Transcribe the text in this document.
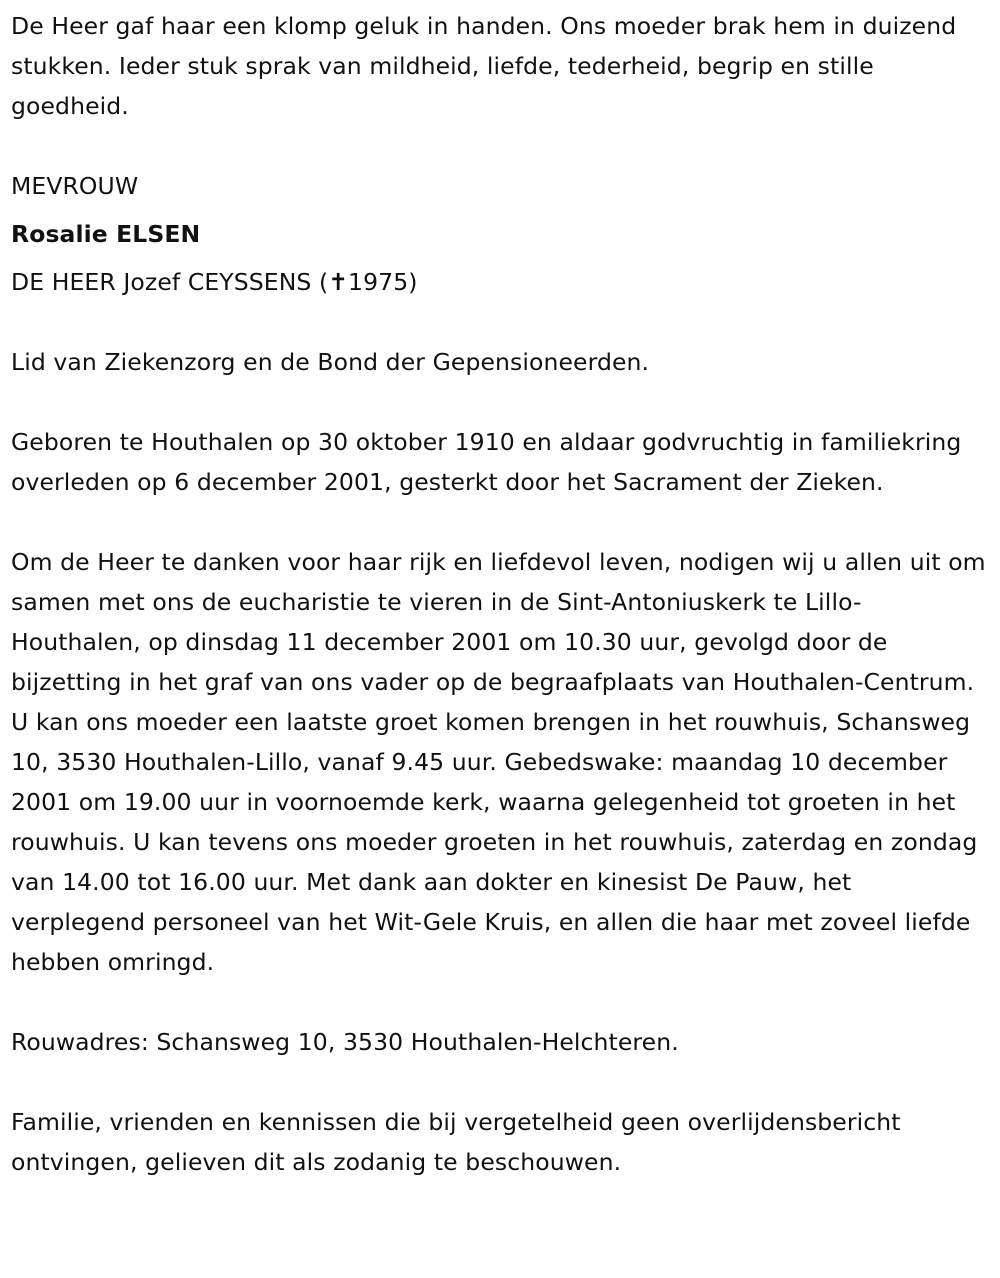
De Heer gaf haar een klomp geluk in handen. Ons moeder brak hem in duizend stukken. Ieder stuk sprak van mildheid, liefde, tederheid, begrip en stille goedheid.

MEVROUW

Rosalie ELSEN

DE HEER Jozef CEYSSENS (✝1975)

Lid van Ziekenzorg en de Bond der Gepensioneerden.

Geboren te Houthalen op 30 oktober 1910 en aldaar godvruchtig in familiekring overleden op 6 december 2001, gesterkt door het Sacrament der Zieken.

Om de Heer te danken voor haar rijk en liefdevol leven, nodigen wij u allen uit om samen met ons de eucharistie te vieren in de Sint-Antoniuskerk te Lillo-Houthalen, op dinsdag 11 december 2001 om 10.30 uur, gevolgd door de bijzetting in het graf van ons vader op de begraafplaats van Houthalen-Centrum. U kan ons moeder een laatste groet komen brengen in het rouwhuis, Schansweg 10, 3530 Houthalen-Lillo, vanaf 9.45 uur. Gebedswake: maandag 10 december 2001 om 19.00 uur in voornoemde kerk, waarna gelegenheid tot groeten in het rouwhuis. U kan tevens ons moeder groeten in het rouwhuis, zaterdag en zondag van 14.00 tot 16.00 uur. Met dank aan dokter en kinesist De Pauw, het verplegend personeel van het Wit-Gele Kruis, en allen die haar met zoveel liefde hebben omringd.

Rouwadres: Schansweg 10, 3530 Houthalen-Helchteren.

Familie, vrienden en kennissen die bij vergetelheid geen overlijdensbericht ontvingen, gelieven dit als zodanig te beschouwen.
